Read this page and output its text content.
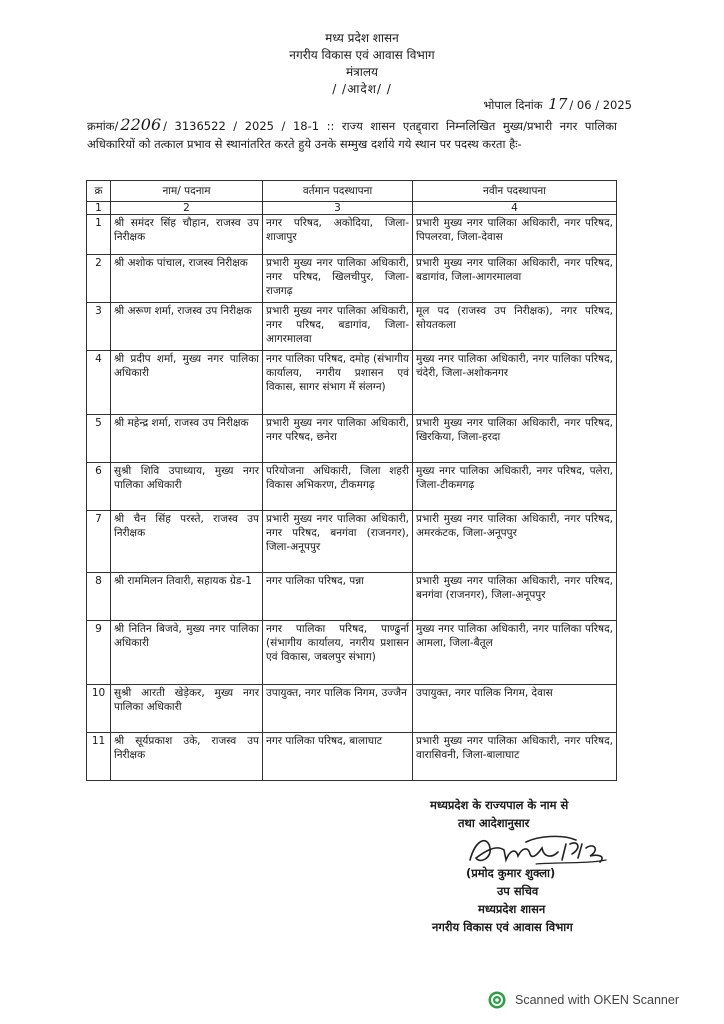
मध्य प्रदेश शासन
नगरीय विकास एवं आवास विभाग
मंत्रालय
/ /आदेश/ /
भोपाल दिनांक 17 / 06 / 2025
क्रमांक/ 2206 / 3136522 / 2025 / 18-1 :: राज्य शासन एतद्द्वारा निम्नलिखित मुख्य/प्रभारी नगर पालिका अधिकारियों को तत्काल प्रभाव से स्थानांतरित करते हुये उनके सम्मुख दर्शाये गये स्थान पर पदस्थ करता हैः-
क्र	नाम/ पदनाम	वर्तमान पदस्थापना	नवीन पदस्थापना
1	2	3	4
1	श्री समंदर सिंह चौहान, राजस्व उप निरीक्षक	नगर परिषद, अकोदिया, जिला-शाजापुर	प्रभारी मुख्य नगर पालिका अधिकारी, नगर परिषद, पिपलरवा, जिला-देवास
2	श्री अशोक पांचाल, राजस्व निरीक्षक	प्रभारी मुख्य नगर पालिका अधिकारी, नगर परिषद, खिलचीपुर, जिला-राजगढ़	प्रभारी मुख्य नगर पालिका अधिकारी, नगर परिषद, बडागांव, जिला-आगरमालवा
3	श्री अरूण शर्मा, राजस्व उप निरीक्षक	प्रभारी मुख्य नगर पालिका अधिकारी, नगर परिषद, बडागांव, जिला-आगरमालवा	मूल पद (राजस्व उप निरीक्षक), नगर परिषद, सोयतकला
4	श्री प्रदीप शर्मा, मुख्य नगर पालिका अधिकारी	नगर पालिका परिषद, दमोह (संभागीय कार्यालय, नगरीय प्रशासन एवं विकास, सागर संभाग में संलग्न)	मुख्य नगर पालिका अधिकारी, नगर पालिका परिषद, चंदेरी, जिला-अशोकनगर
5	श्री महेन्द्र शर्मा, राजस्व उप निरीक्षक	प्रभारी मुख्य नगर पालिका अधिकारी, नगर परिषद, छनेरा	प्रभारी मुख्य नगर पालिका अधिकारी, नगर परिषद, खिरकिया, जिला-हरदा
6	सुश्री शिवि उपाध्याय, मुख्य नगर पालिका अधिकारी	परियोजना अधिकारी, जिला शहरी विकास अभिकरण, टीकमगढ़	मुख्य नगर पालिका अधिकारी, नगर परिषद, पलेरा, जिला-टीकमगढ़
7	श्री चैन सिंह परस्ते, राजस्व उप निरीक्षक	प्रभारी मुख्य नगर पालिका अधिकारी, नगर परिषद, बनगंवा (राजनगर), जिला-अनूपपुर	प्रभारी मुख्य नगर पालिका अधिकारी, नगर परिषद, अमरकंटक, जिला-अनूपपुर
8	श्री राममिलन तिवारी, सहायक ग्रेड-1	नगर पालिका परिषद, पन्ना	प्रभारी मुख्य नगर पालिका अधिकारी, नगर परिषद, बनगंवा (राजनगर), जिला-अनूपपुर
9	श्री नितिन बिजवे, मुख्य नगर पालिका अधिकारी	नगर पालिका परिषद, पाण्ढुर्ना (संभागीय कार्यालय, नगरीय प्रशासन एवं विकास, जबलपुर संभाग)	मुख्य नगर पालिका अधिकारी, नगर पालिका परिषद, आमला, जिला-बैतूल
10	सुश्री आरती खेड़ेकर, मुख्य नगर पालिका अधिकारी	उपायुक्त, नगर पालिक निगम, उज्जैन	उपायुक्त, नगर पालिक निगम, देवास
11	श्री सूर्यप्रकाश उके, राजस्व उप निरीक्षक	नगर पालिका परिषद, बालाघाट	प्रभारी मुख्य नगर पालिका अधिकारी, नगर परिषद, वारासिवनी, जिला-बालाघाट
मध्यप्रदेश के राज्यपाल के नाम से
तथा आदेशानुसार
(प्रमोद कुमार शुक्ला)
उप सचिव
मध्यप्रदेश शासन
नगरीय विकास एवं आवास विभाग
Scanned with OKEN Scanner
